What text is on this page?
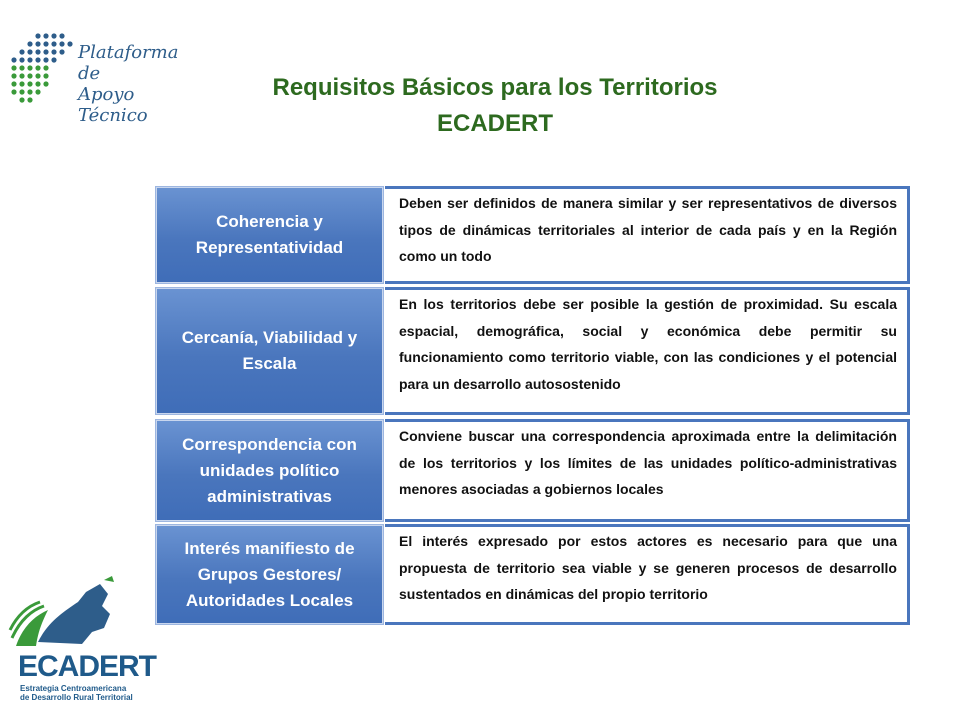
Plataforma de
Apoyo Técnico
Requisitos Básicos para los Territorios
ECADERT
Coherencia y Representatividad
Deben ser definidos de manera similar y ser representativos de diversos tipos de dinámicas territoriales al interior de cada país y en la Región como un todo
Cercanía, Viabilidad y Escala
En los territorios debe ser posible la gestión de proximidad. Su escala espacial, demográfica, social y económica debe permitir su funcionamiento como territorio viable, con las condiciones y el potencial para un desarrollo autosostenido
Correspondencia con unidades político administrativas
Conviene buscar una correspondencia aproximada entre la delimitación de los territorios y los límites de las unidades político-administrativas menores asociadas a gobiernos locales
Interés manifiesto de Grupos Gestores/ Autoridades Locales
El interés expresado por estos actores es necesario para que una propuesta de territorio sea viable y se generen procesos de desarrollo sustentados en dinámicas del propio territorio
ECADERT
Estrategia Centroamericana
de Desarrollo Rural Territorial
